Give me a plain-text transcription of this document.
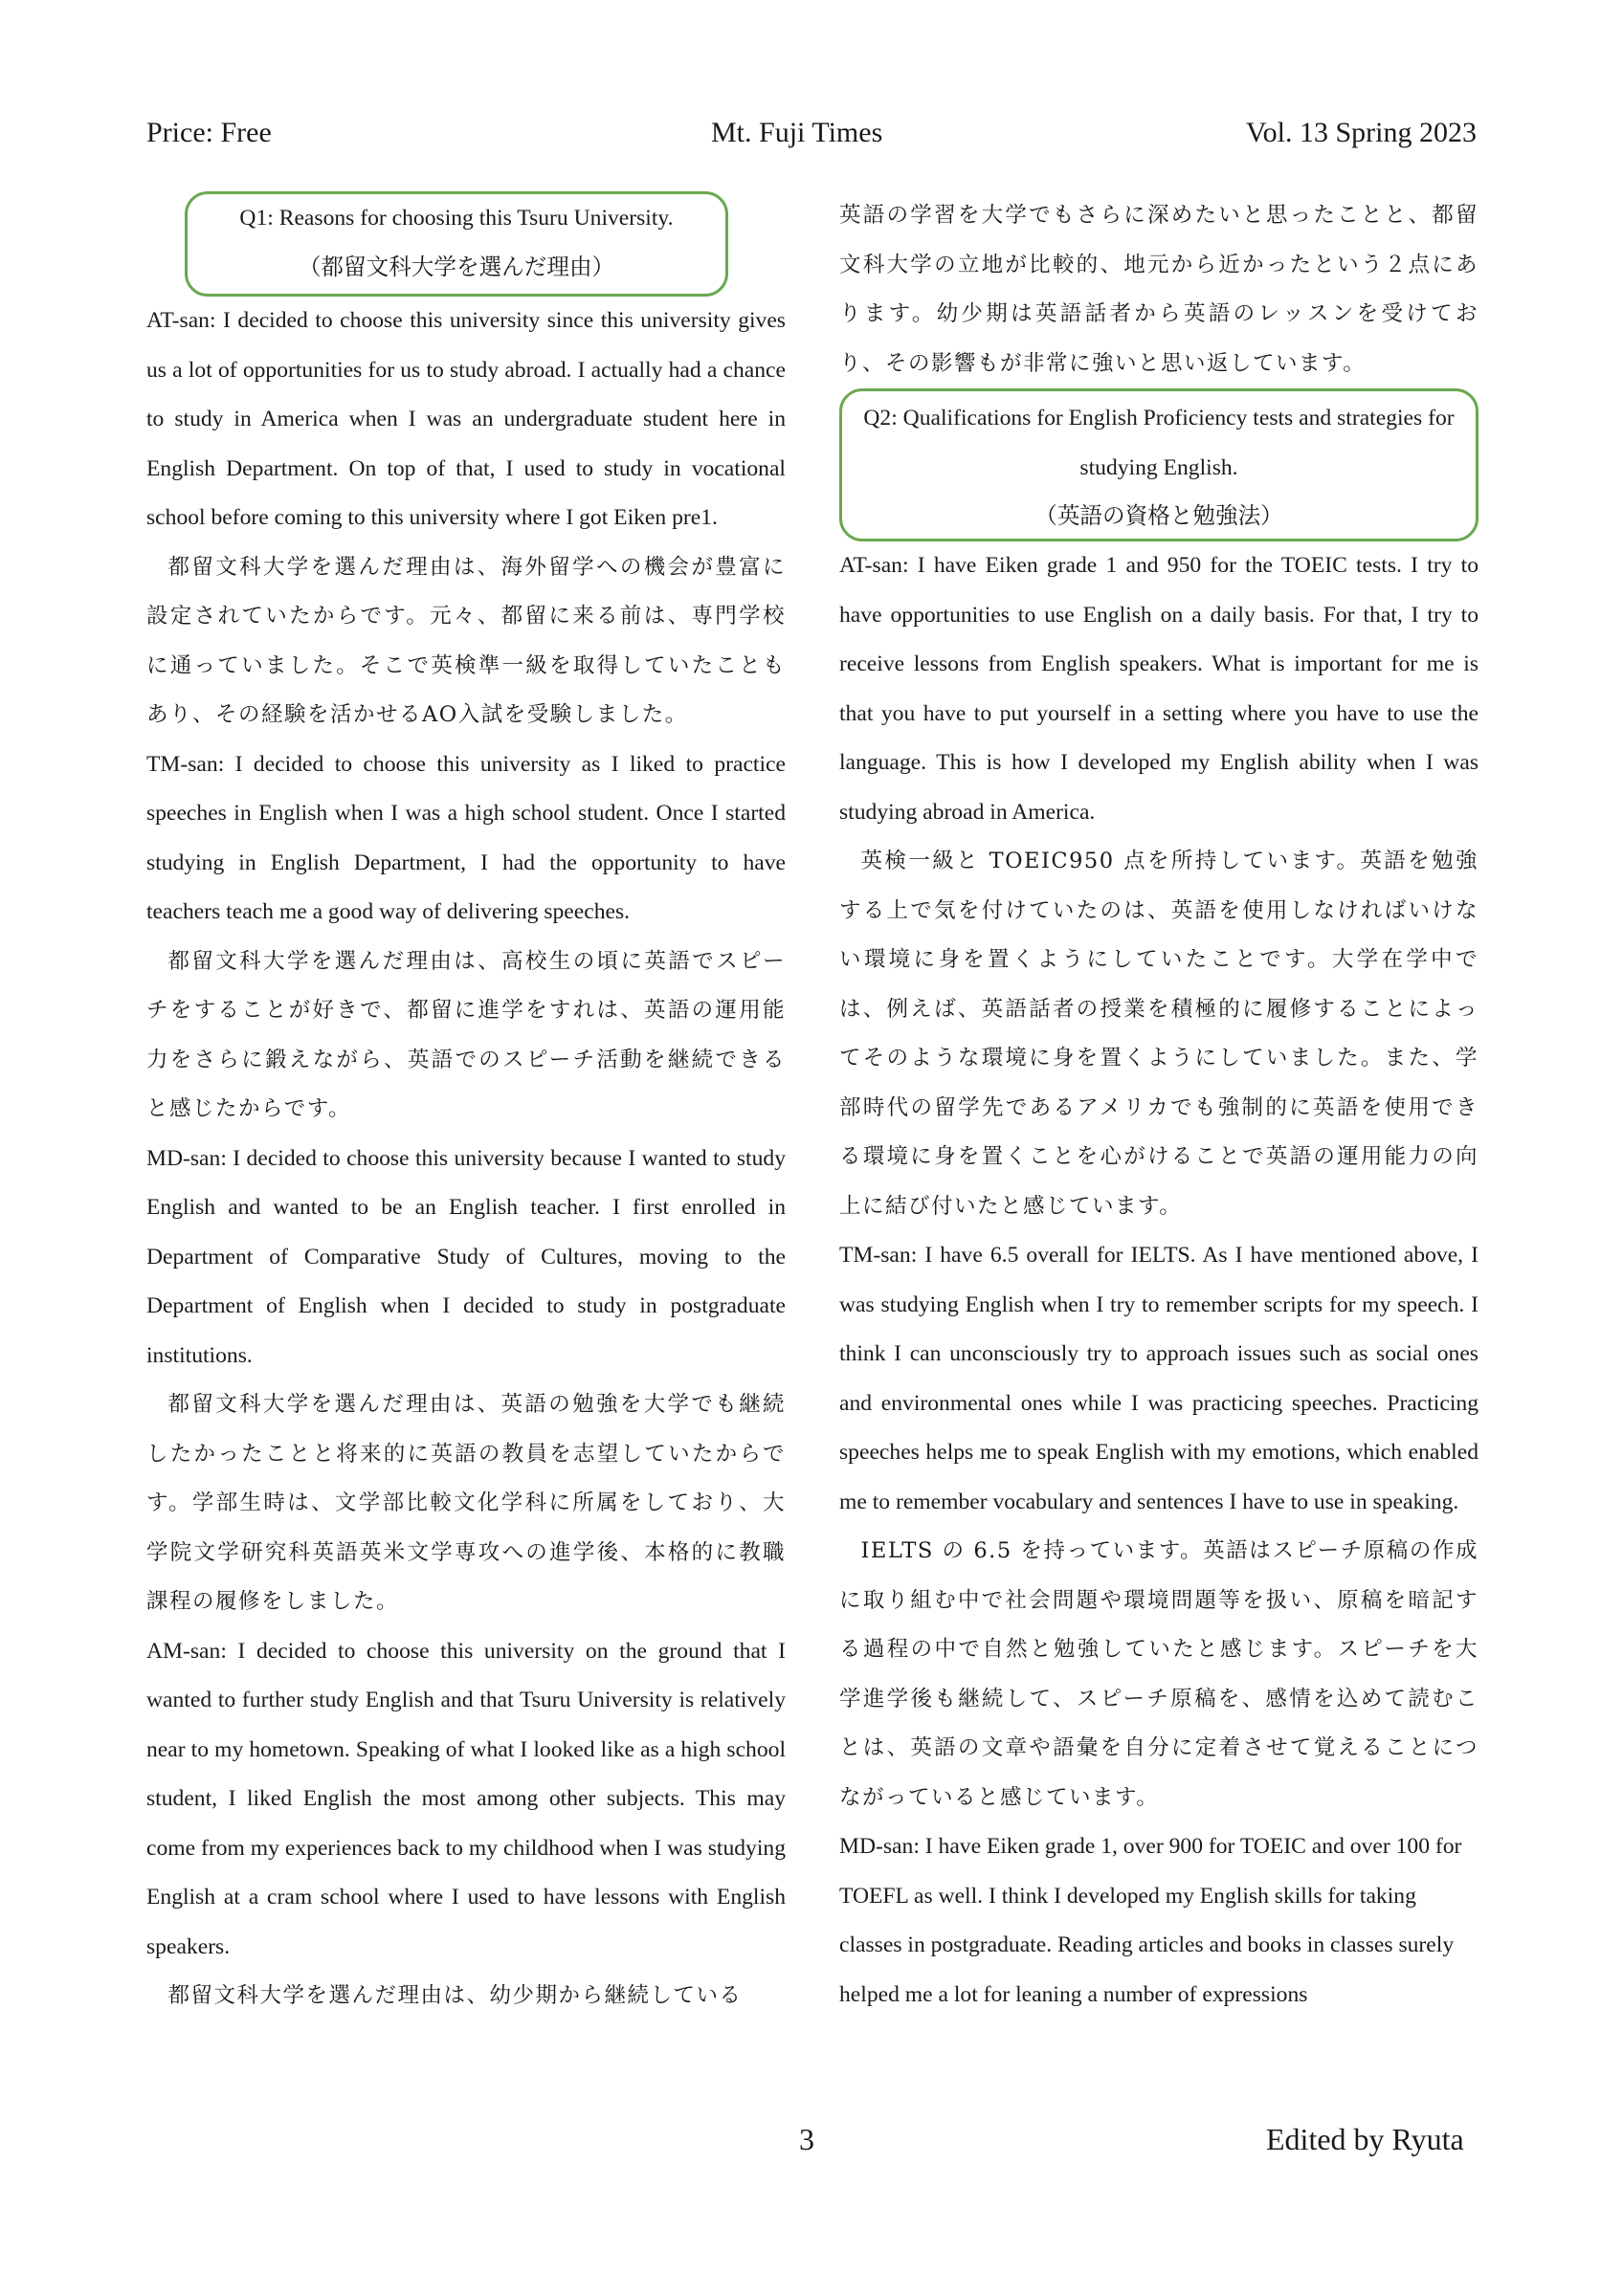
Price: Free	Mt. Fuji Times	Vol. 13 Spring 2023
Q1: Reasons for choosing this Tsuru University.
（都留文科大学を選んだ理由）

AT-san: I decided to choose this university since this university gives us a lot of opportunities for us to study abroad. I actually had a chance to study in America when I was an undergraduate student here in English Department. On top of that, I used to study in vocational school before coming to this university where I got Eiken pre1.

都留文科大学を選んだ理由は、海外留学への機会が豊富に設定されていたからです。元々、都留に来る前は、専門学校に通っていました。そこで英検準一級を取得していたこともあり、その経験を活かせるAO入試を受験しました。

TM-san: I decided to choose this university as I liked to practice speeches in English when I was a high school student. Once I started studying in English Department, I had the opportunity to have teachers teach me a good way of delivering speeches.

都留文科大学を選んだ理由は、高校生の頃に英語でスピーチをすることが好きで、都留に進学をすれは、英語の運用能力をさらに鍛えながら、英語でのスピーチ活動を継続できると感じたからです。

MD-san: I decided to choose this university because I wanted to study English and wanted to be an English teacher. I first enrolled in Department of Comparative Study of Cultures, moving to the Department of English when I decided to study in postgraduate institutions.

都留文科大学を選んだ理由は、英語の勉強を大学でも継続したかったことと将来的に英語の教員を志望していたからです。学部生時は、文学部比較文化学科に所属をしており、大学院文学研究科英語英米文学専攻への進学後、本格的に教職課程の履修をしました。

AM-san: I decided to choose this university on the ground that I wanted to further study English and that Tsuru University is relatively near to my hometown. Speaking of what I looked like as a high school student, I liked English the most among other subjects. This may come from my experiences back to my childhood when I was studying English at a cram school where I used to have lessons with English speakers.

都留文科大学を選んだ理由は、幼少期から継続している

英語の学習を大学でもさらに深めたいと思ったことと、都留文科大学の立地が比較的、地元から近かったという２点にあります。幼少期は英語話者から英語のレッスンを受けており、その影響もが非常に強いと思い返しています。

Q2: Qualifications for English Proficiency tests and strategies for studying English.
（英語の資格と勉強法）

AT-san: I have Eiken grade 1 and 950 for the TOEIC tests. I try to have opportunities to use English on a daily basis. For that, I try to receive lessons from English speakers. What is important for me is that you have to put yourself in a setting where you have to use the language. This is how I developed my English ability when I was studying abroad in America.

英検一級と TOEIC950 点を所持しています。英語を勉強する上で気を付けていたのは、英語を使用しなければいけない環境に身を置くようにしていたことです。大学在学中では、例えば、英語話者の授業を積極的に履修することによってそのような環境に身を置くようにしていました。また、学部時代の留学先であるアメリカでも強制的に英語を使用できる環境に身を置くことを心がけることで英語の運用能力の向上に結び付いたと感じています。

TM-san: I have 6.5 overall for IELTS. As I have mentioned above, I was studying English when I try to remember scripts for my speech. I think I can unconsciously try to approach issues such as social ones and environmental ones while I was practicing speeches. Practicing speeches helps me to speak English with my emotions, which enabled me to remember vocabulary and sentences I have to use in speaking.

IELTS の 6.5 を持っています。英語はスピーチ原稿の作成に取り組む中で社会問題や環境問題等を扱い、原稿を暗記する過程の中で自然と勉強していたと感じます。スピーチを大学進学後も継続して、スピーチ原稿を、感情を込めて読むことは、英語の文章や語彙を自分に定着させて覚えることにつながっていると感じています。

MD-san: I have Eiken grade 1, over 900 for TOEIC and over 100 for TOEFL as well. I think I developed my English skills for taking classes in postgraduate. Reading articles and books in classes surely helped me a lot for leaning a number of expressions

3	Edited by Ryuta
